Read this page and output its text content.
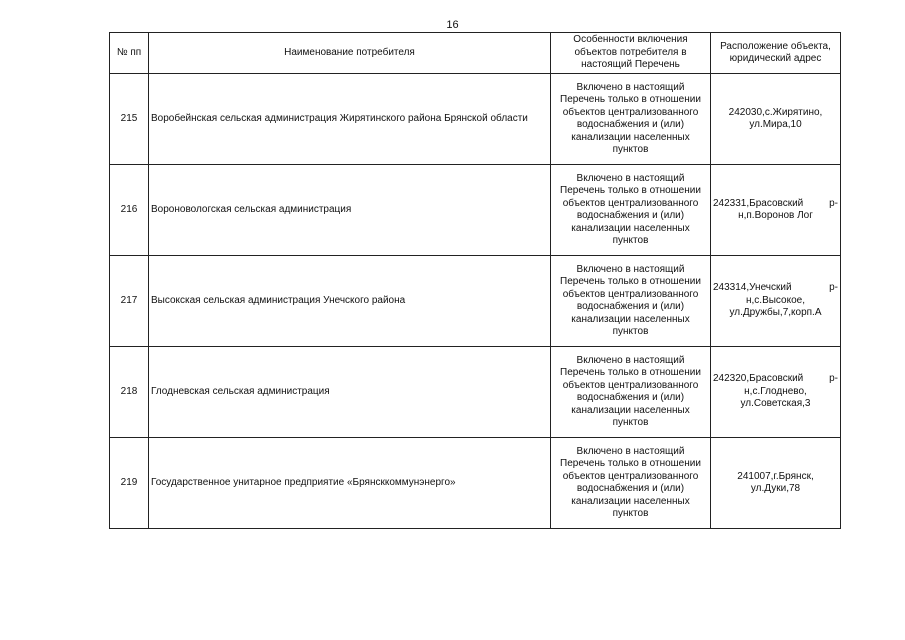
16
№ пп	Наименование потребителя	Особенности включения объектов потребителя в настоящий Перечень	Расположение объекта, юридический адрес
215	Воробейнская сельская администрация Жирятинского района Брянской области	Включено в настоящий Перечень только в отношении объектов централизованного водоснабжения и (или) канализации населенных пунктов	242030,с.Жирятино,
ул.Мира,10

216	Вороновологская сельская администрация	Включено в настоящий Перечень только в отношении объектов централизованного водоснабжения и (или) канализации населенных пунктов	242331,Брасовский р-
н,п.Воронов Лог

217	Высокская сельская администрация Унечского района	Включено в настоящий Перечень только в отношении объектов централизованного водоснабжения и (или) канализации населенных пунктов	243314,Унечский р-
н,с.Высокое,
ул.Дружбы,7,корп.А

218	Глодневская сельская администрация	Включено в настоящий Перечень только в отношении объектов централизованного водоснабжения и (или) канализации населенных пунктов	242320,Брасовский р-
н,с.Глоднево,
ул.Советская,3

219	Государственное унитарное предприятие «Брянсккоммунэнерго»	Включено в настоящий Перечень только в отношении объектов централизованного водоснабжения и (или) канализации населенных пунктов	241007,г.Брянск,
ул.Дуки,78
